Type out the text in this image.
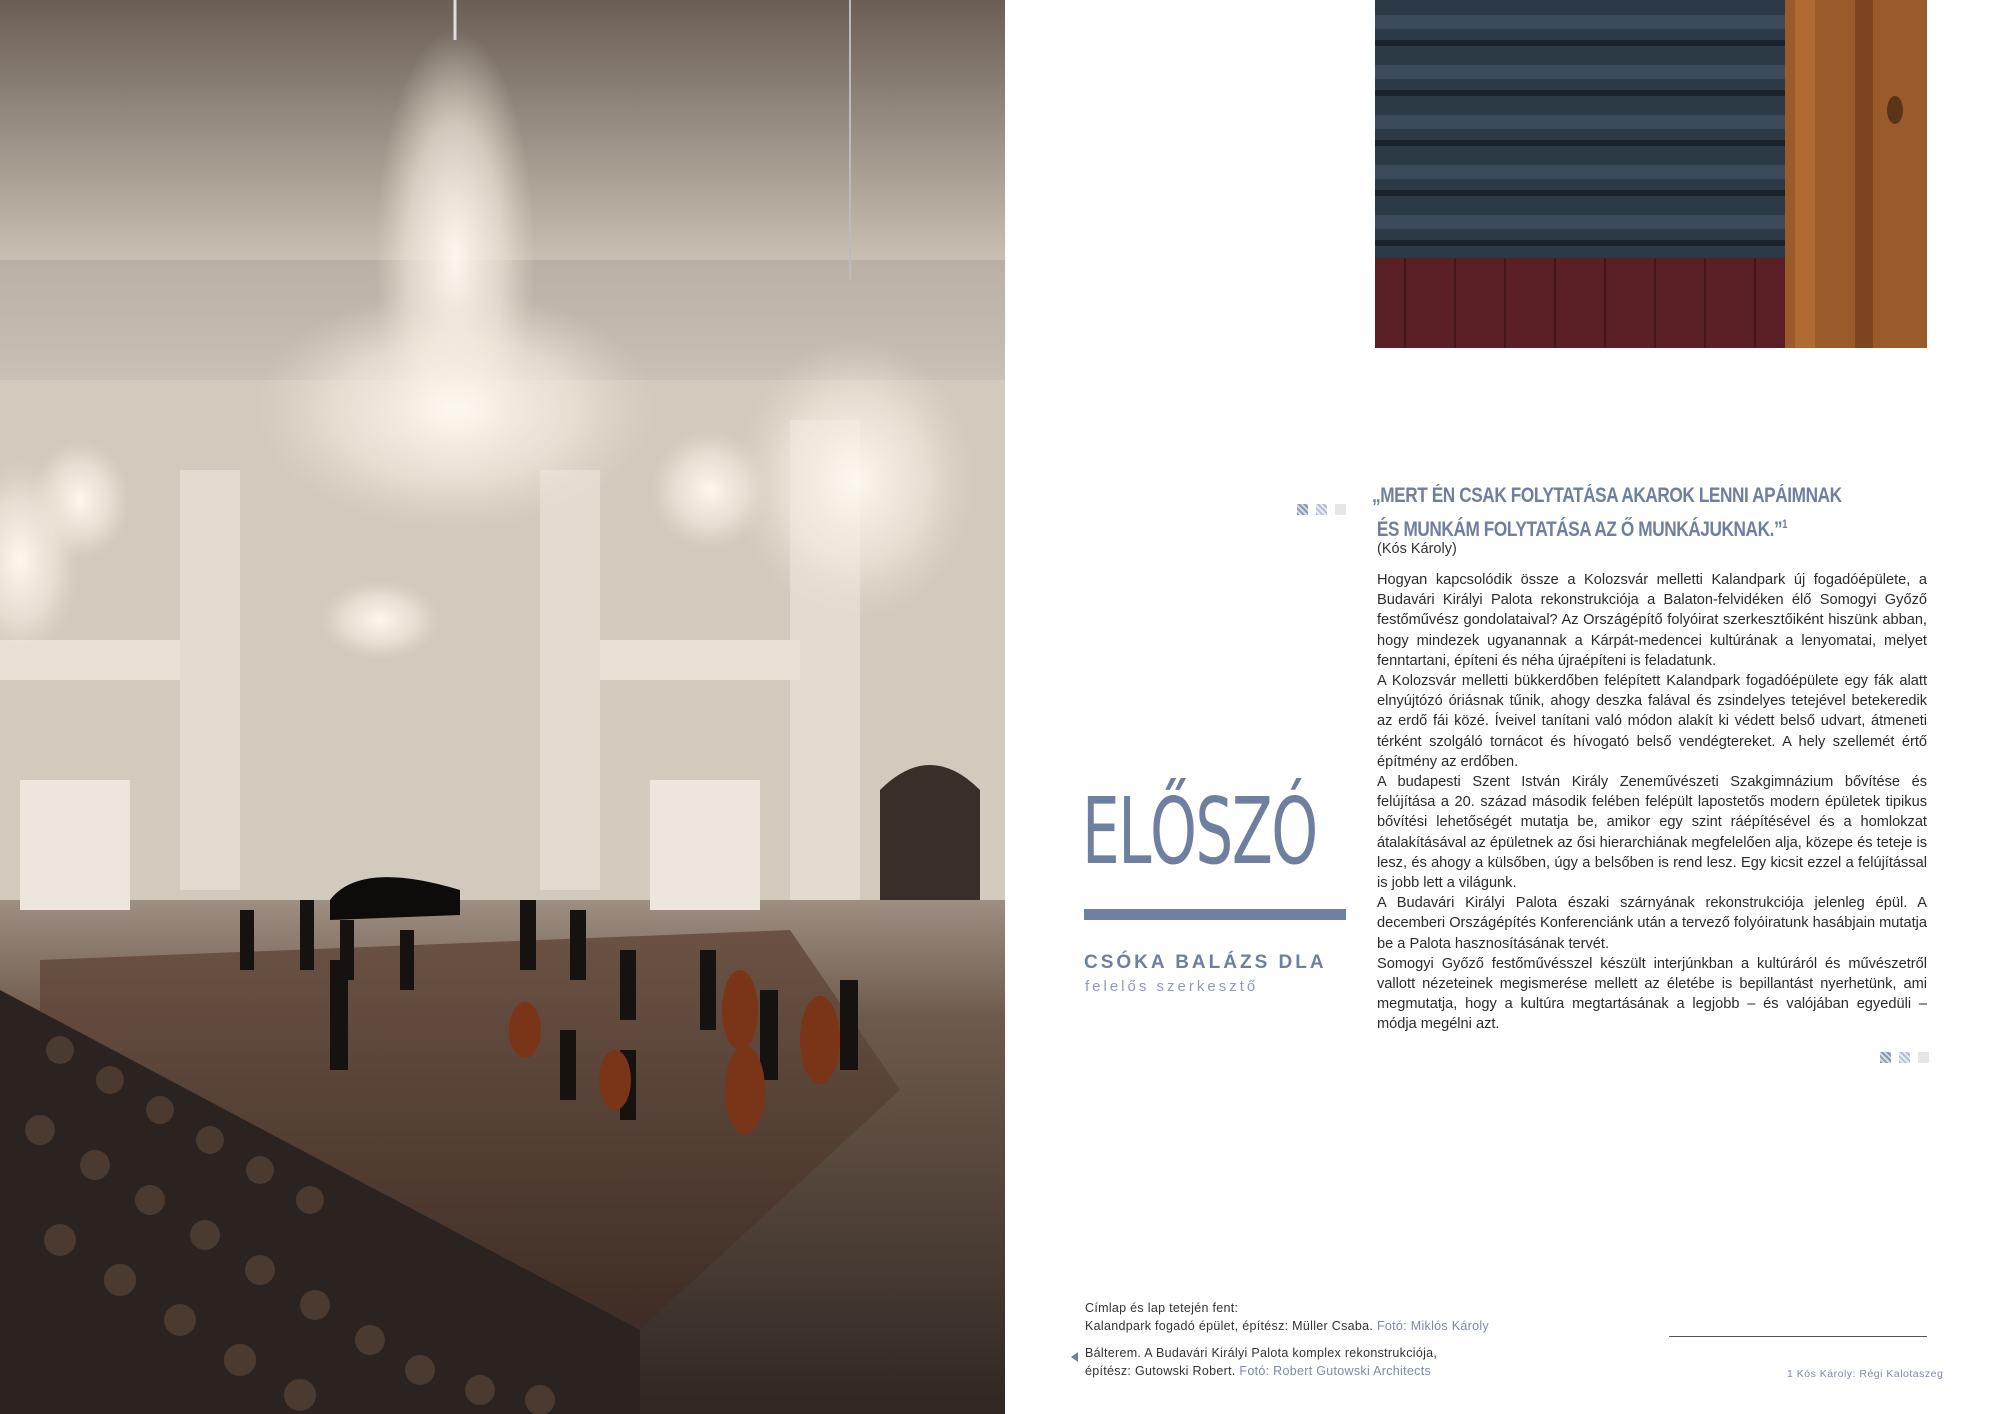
„MERT ÉN CSAK FOLYTATÁSA AKAROK LENNI APÁIMNAK
ÉS MUNKÁM FOLYTATÁSA AZ Ő MUNKÁJUKNAK.”$^1$
(Kós Károly)

Hogyan kapcsolódik össze a Kolozsvár melletti Kalandpark új fogadóépülete, a Budavári Királyi Palota rekonstrukciója a Balaton-felvidéken élő Somogyi Győző festőművész gondolataival? Az Országépítő folyóirat szerkesztőiként hiszünk abban, hogy mindezek ugyanannak a Kárpát-medencei kultúrának a lenyomatai, melyet fenntartani, építeni és néha újraépíteni is feladatunk.

A Kolozsvár melletti bükkerdőben felépített Kalandpark fogadóépülete egy fák alatt elnyújtózó óriásnak tűnik, ahogy deszka falával és zsindelyes tetejével betekeredik az erdő fái közé. Íveivel tanítani való módon alakít ki védett belső udvart, átmeneti térként szolgáló tornácot és hívogató belső vendégtereket. A hely szellemét értő építmény az erdőben.

A budapesti Szent István Király Zeneművészeti Szakgimnázium bővítése és felújítása a 20. század második felében felépült lapostetős modern épületek tipikus bővítési lehetőségét mutatja be, amikor egy szint ráépítésével és a homlokzat átalakításával az épületnek az ősi hierarchiának megfelelően alja, közepe és teteje is lesz, és ahogy a külsőben, úgy a belsőben is rend lesz. Egy kicsit ezzel a felújítással is jobb lett a világunk.

A Budavári Királyi Palota északi szárnyának rekonstrukciója jelenleg épül. A decemberi Országépítés Konferenciánk után a tervező folyóiratunk hasábjain mutatja be a Palota hasznosításának tervét.

Somogyi Győző festőművésszel készült interjúnkban a kultúráról és művészetről vallott nézeteinek megismerése mellett az életébe is bepillantást nyerhetünk, ami megmutatja, hogy a kultúra megtartásának a legjobb – és valójában egyedüli – módja megélni azt.

ELŐSZÓ
CSÓKA BALÁZS DLA
felelős szerkesztő
Címlap és lap tetején fent:
Kalandpark fogadó épület, építész: Müller Csaba. Fotó: Miklós Károly
Bálterem. A Budavári Királyi Palota komplex rekonstrukciója,
építész: Gutowski Robert. Fotó: Robert Gutowski Architects	1 Kós Károly: Régi Kalotaszeg
